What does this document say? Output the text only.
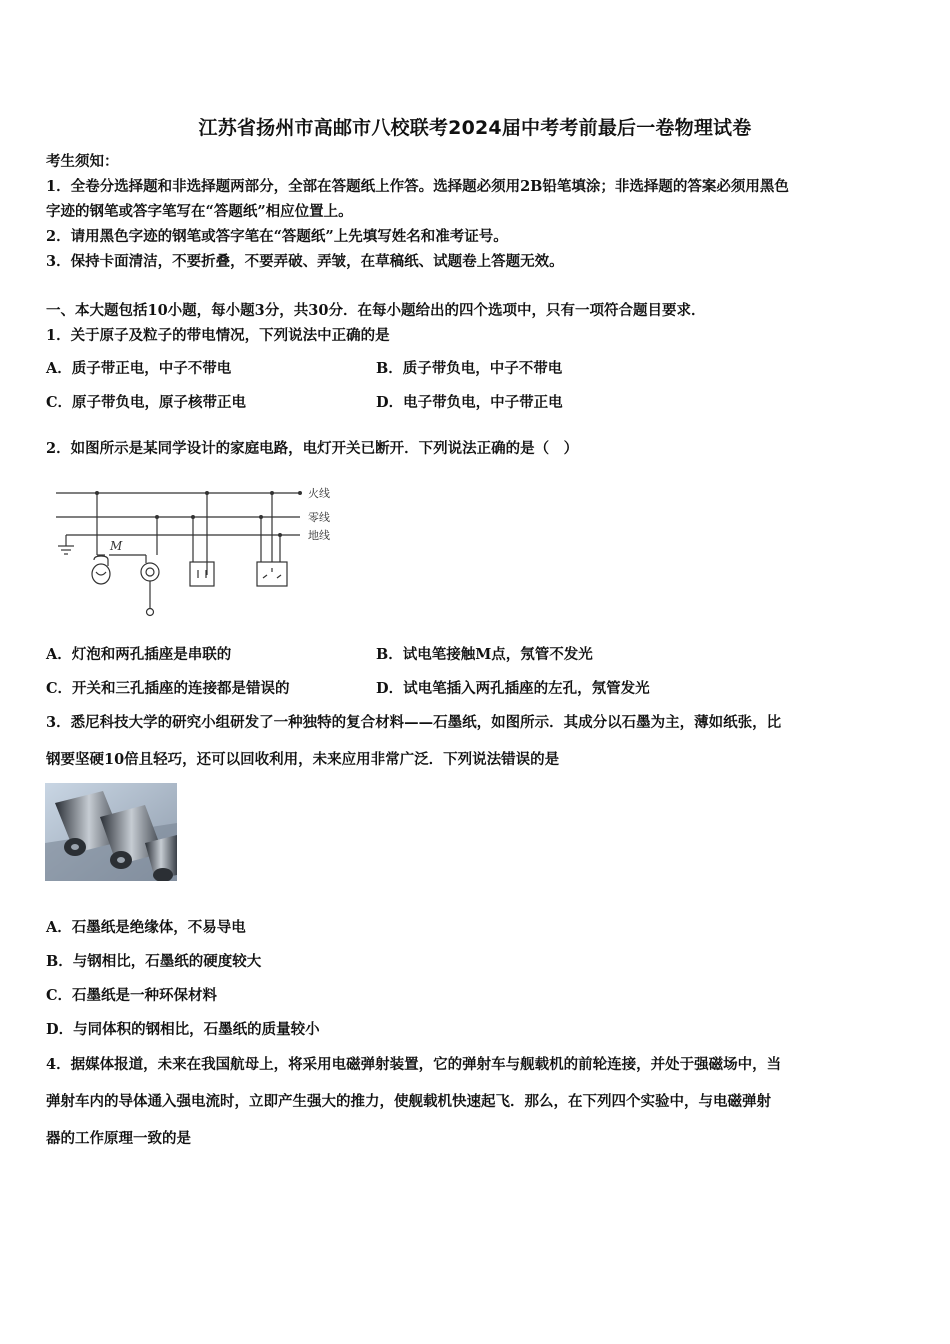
江苏省扬州市高邮市八校联考2024届中考考前最后一卷物理试卷
考生须知：
1．全卷分选择题和非选择题两部分，全部在答题纸上作答。选择题必须用2B铅笔填涂；非选择题的答案必须用黑色
字迹的钢笔或答字笔写在“答题纸”相应位置上。
2．请用黑色字迹的钢笔或答字笔在“答题纸”上先填写姓名和准考证号。
3．保持卡面清洁，不要折叠，不要弄破、弄皱，在草稿纸、试题卷上答题无效。
一、本大题包括10小题，每小题3分，共30分．在每小题给出的四个选项中，只有一项符合题目要求．
1．关于原子及粒子的带电情况，下列说法中正确的是
A．质子带正电，中子不带电	B．质子带负电，中子不带电
C．原子带负电，原子核带正电	D．电子带负电，中子带正电
2．如图所示是某同学设计的家庭电路，电灯开关已断开．下列说法正确的是（　）
火线
零线
地线
M
A．灯泡和两孔插座是串联的	B．试电笔接触M点，氖管不发光
C．开关和三孔插座的连接都是错误的	D．试电笔插入两孔插座的左孔，氖管发光
3．悉尼科技大学的研究小组研发了一种独特的复合材料——石墨纸，如图所示．其成分以石墨为主，薄如纸张，比
钢要坚硬10倍且轻巧，还可以回收利用，未来应用非常广泛．下列说法错误的是
A．石墨纸是绝缘体，不易导电
B．与钢相比，石墨纸的硬度较大
C．石墨纸是一种环保材料
D．与同体积的钢相比，石墨纸的质量较小
4．据媒体报道，未来在我国航母上，将采用电磁弹射装置，它的弹射车与舰载机的前轮连接，并处于强磁场中，当
弹射车内的导体通入强电流时，立即产生强大的推力，使舰载机快速起飞．那么，在下列四个实验中，与电磁弹射
器的工作原理一致的是
